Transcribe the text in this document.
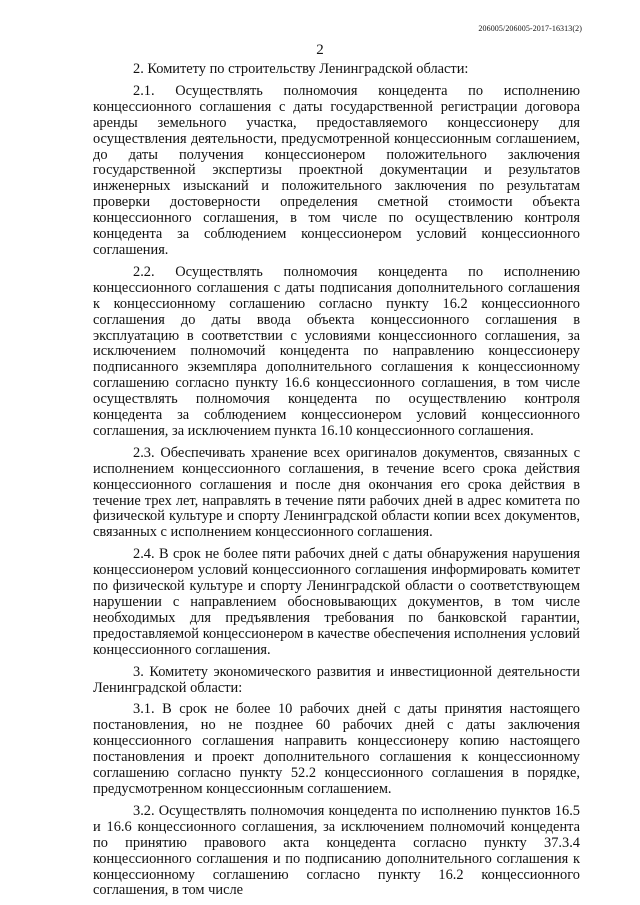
206005/206005-2017-16313(2)
2

2. Комитету по строительству Ленинградской области:

2.1. Осуществлять полномочия концедента по исполнению концессионного соглашения с даты государственной регистрации договора аренды земельного участка, предоставляемого концессионеру для осуществления деятельности, предусмотренной концессионным соглашением, до даты получения концессионером положительного заключения государственной экспертизы проектной документации и результатов инженерных изысканий и положительного заключения по результатам проверки достоверности определения сметной стоимости объекта концессионного соглашения, в том числе по осуществлению контроля концедента за соблюдением концессионером условий концессионного соглашения.

2.2. Осуществлять полномочия концедента по исполнению концессионного соглашения с даты подписания дополнительного соглашения к концессионному соглашению согласно пункту 16.2 концессионного соглашения до даты ввода объекта концессионного соглашения в эксплуатацию в соответствии с условиями концессионного соглашения, за исключением полномочий концедента по направлению концессионеру подписанного экземпляра дополнительного соглашения к концессионному соглашению согласно пункту 16.6 концессионного соглашения, в том числе осуществлять полномочия концедента по осуществлению контроля концедента за соблюдением концессионером условий концессионного соглашения, за исключением пункта 16.10 концессионного соглашения.

2.3. Обеспечивать хранение всех оригиналов документов, связанных с исполнением концессионного соглашения, в течение всего срока действия концессионного соглашения и после дня окончания его срока действия в течение трех лет, направлять в течение пяти рабочих дней в адрес комитета по физической культуре и спорту Ленинградской области копии всех документов, связанных с исполнением концессионного соглашения.

2.4. В срок не более пяти рабочих дней с даты обнаружения нарушения концессионером условий концессионного соглашения информировать комитет по физической культуре и спорту Ленинградской области о соответствующем нарушении с направлением обосновывающих документов, в том числе необходимых для предъявления требования по банковской гарантии, предоставляемой концессионером в качестве обеспечения исполнения условий концессионного соглашения.

3. Комитету экономического развития и инвестиционной деятельности Ленинградской области:

3.1. В срок не более 10 рабочих дней с даты принятия настоящего постановления, но не позднее 60 рабочих дней с даты заключения концессионного соглашения направить концессионеру копию настоящего постановления и проект дополнительного соглашения к концессионному соглашению согласно пункту 52.2 концессионного соглашения в порядке, предусмотренном концессионным соглашением.

3.2. Осуществлять полномочия концедента по исполнению пунктов 16.5 и 16.6 концессионного соглашения, за исключением полномочий концедента по принятию правового акта концедента согласно пункту 37.3.4 концессионного соглашения и по подписанию дополнительного соглашения к концессионному соглашению согласно пункту 16.2 концессионного соглашения, в том числе
